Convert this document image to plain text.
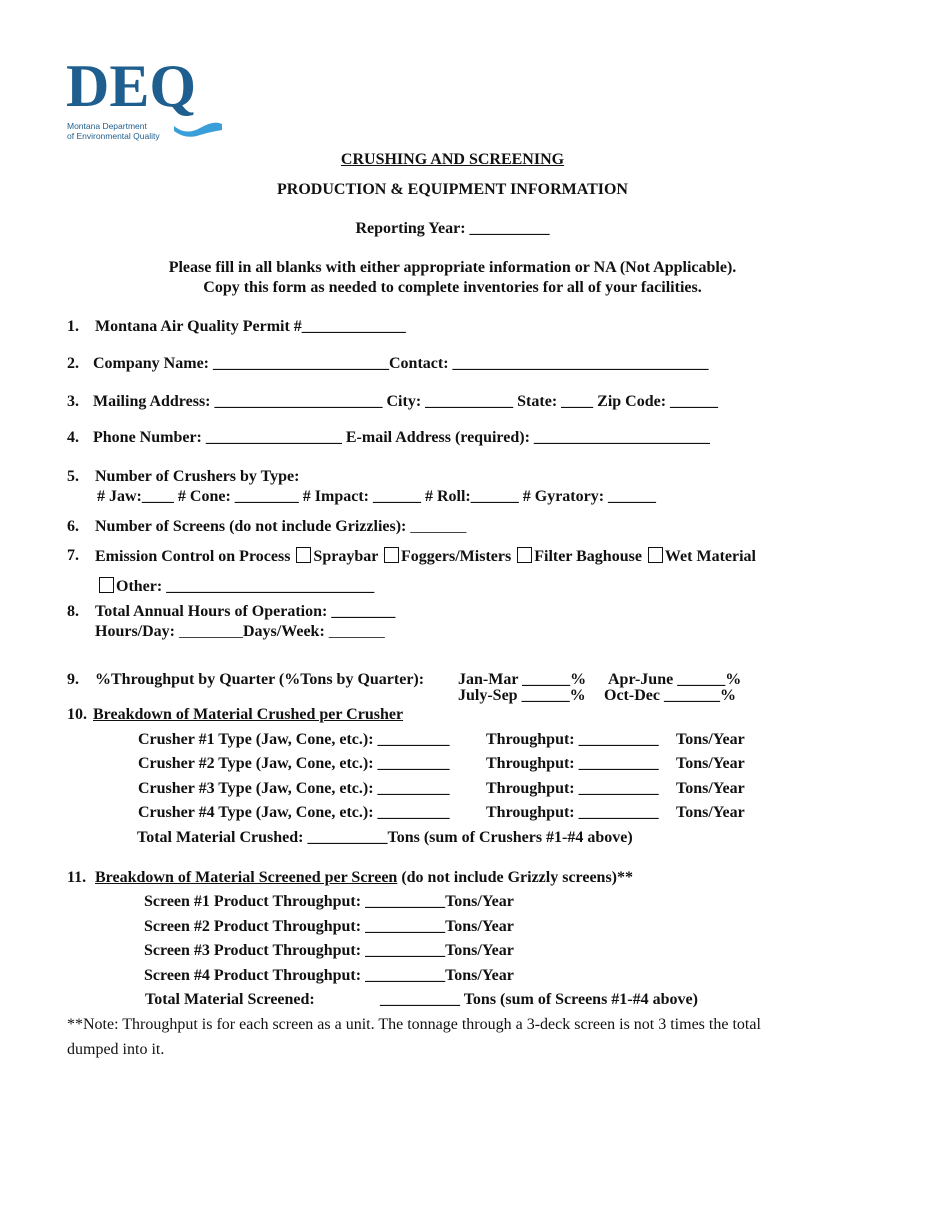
DEQ
Montana Department
of Environmental Quality
CRUSHING AND SCREENING
PRODUCTION & EQUIPMENT INFORMATION
Reporting Year: __________
Please fill in all blanks with either appropriate information or NA (Not Applicable).
Copy this form as needed to complete inventories for all of your facilities.
1. Montana Air Quality Permit #_____________
2. Company Name: ______________________Contact: ________________________________
3. Mailing Address: _____________________ City: ___________ State: ____ Zip Code: ______
4. Phone Number: _________________ E-mail Address (required): ______________________
5. Number of Crushers by Type:
# Jaw:____ # Cone: ________ # Impact: ______ # Roll:______ # Gyratory: ______
6. Number of Screens (do not include Grizzlies): _______
7. Emission Control on Process Spraybar Foggers/Misters Filter Baghouse Wet Material
Other: __________________________
8. Total Annual Hours of Operation: ________
Hours/Day: ________Days/Week: _______
9. %Throughput by Quarter (%Tons by Quarter): Jan-Mar ______% Apr-June ______%
July-Sep ______% Oct-Dec _______%
10. Breakdown of Material Crushed per Crusher
Crusher #1 Type (Jaw, Cone, etc.): _________ Throughput: __________ Tons/Year
Crusher #2 Type (Jaw, Cone, etc.): _________ Throughput: __________ Tons/Year
Crusher #3 Type (Jaw, Cone, etc.): _________ Throughput: __________ Tons/Year
Crusher #4 Type (Jaw, Cone, etc.): _________ Throughput: __________ Tons/Year
Total Material Crushed: __________Tons (sum of Crushers #1-#4 above)
11. Breakdown of Material Screened per Screen (do not include Grizzly screens)**
Screen #1 Product Throughput: __________Tons/Year
Screen #2 Product Throughput: __________Tons/Year
Screen #3 Product Throughput: __________Tons/Year
Screen #4 Product Throughput: __________Tons/Year
Total Material Screened:	__________ Tons (sum of Screens #1-#4 above)
**Note: Throughput is for each screen as a unit. The tonnage through a 3-deck screen is not 3 times the total
dumped into it.
